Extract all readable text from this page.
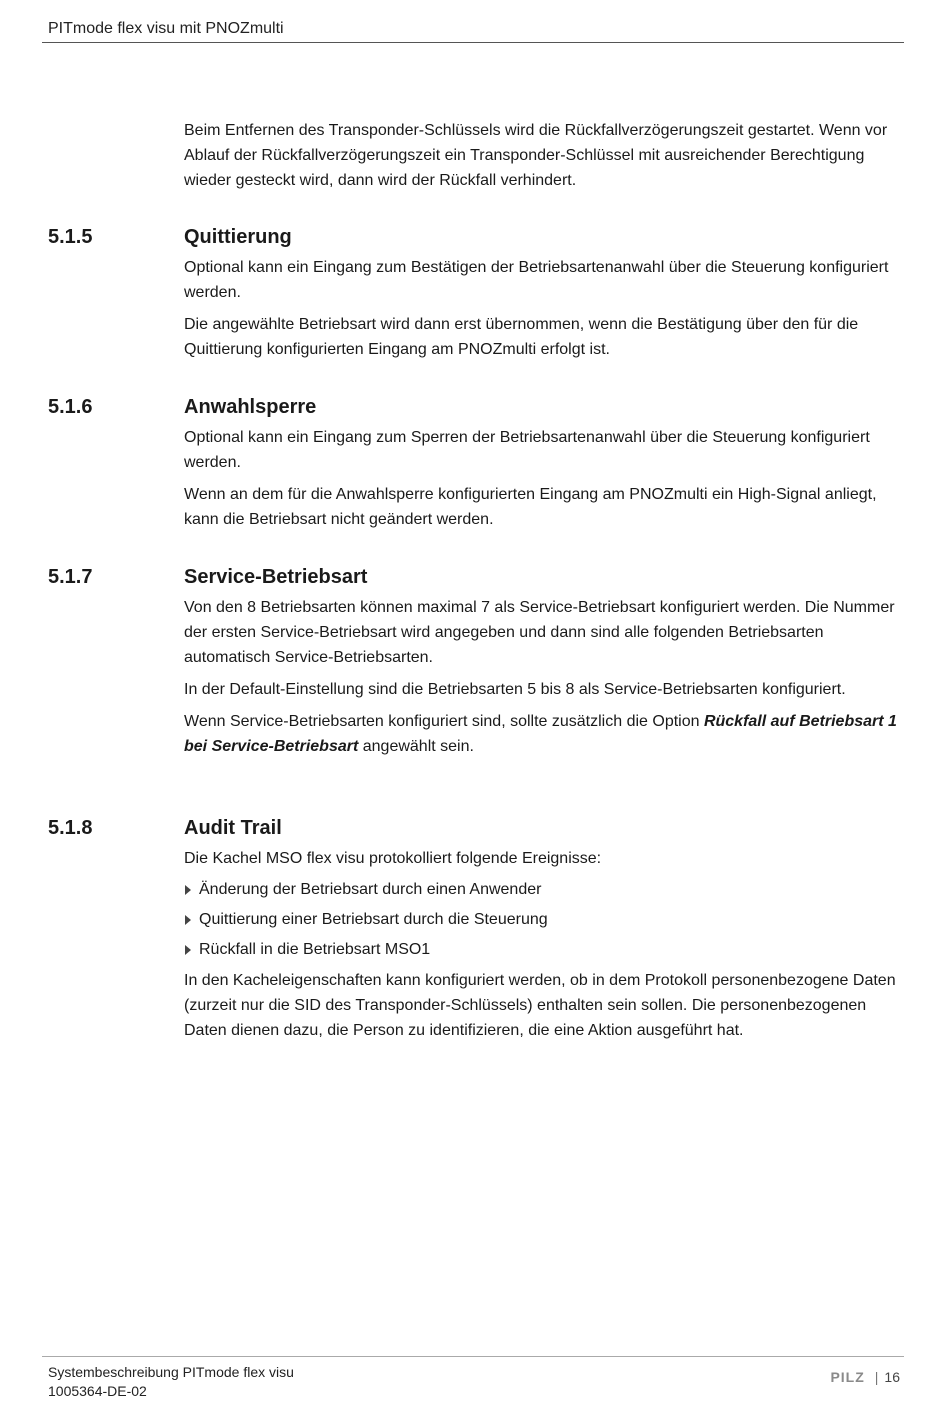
PITmode flex visu mit PNOZmulti

Beim Entfernen des Transponder-Schlüssels wird die Rückfallverzögerungszeit gestartet. Wenn vor Ablauf der Rückfallverzögerungszeit ein Transponder-Schlüssel mit ausreichender Berechtigung wieder gesteckt wird, dann wird der Rückfall verhindert.

5.1.5	Quittierung

Optional kann ein Eingang zum Bestätigen der Betriebsartenanwahl über die Steuerung konfiguriert werden.

Die angewählte Betriebsart wird dann erst übernommen, wenn die Bestätigung über den für die Quittierung konfigurierten Eingang am PNOZmulti erfolgt ist.

5.1.6	Anwahlsperre

Optional kann ein Eingang zum Sperren der Betriebsartenanwahl über die Steuerung konfiguriert werden.

Wenn an dem für die Anwahlsperre konfigurierten Eingang am PNOZmulti ein High-Signal anliegt, kann die Betriebsart nicht geändert werden.

5.1.7	Service-Betriebsart

Von den 8 Betriebsarten können maximal 7 als Service-Betriebsart konfiguriert werden. Die Nummer der ersten Service-Betriebsart wird angegeben und dann sind alle folgenden Betriebsarten automatisch Service-Betriebsarten.

In der Default-Einstellung sind die Betriebsarten 5 bis 8 als Service-Betriebsarten konfiguriert.

Wenn Service-Betriebsarten konfiguriert sind, sollte zusätzlich die Option Rückfall auf Betriebsart 1 bei Service-Betriebsart angewählt sein.

5.1.8	Audit Trail

Die Kachel MSO flex visu protokolliert folgende Ereignisse:

Änderung der Betriebsart durch einen Anwender
Quittierung einer Betriebsart durch die Steuerung
Rückfall in die Betriebsart MSO1

In den Kacheleigenschaften kann konfiguriert werden, ob in dem Protokoll personenbezogene Daten (zurzeit nur die SID des Transponder-Schlüssels) enthalten sein sollen. Die personenbezogenen Daten dienen dazu, die Person zu identifizieren, die eine Aktion ausgeführt hat.

Systembeschreibung PITmode flex visu
1005364-DE-02
PILZ | 16
